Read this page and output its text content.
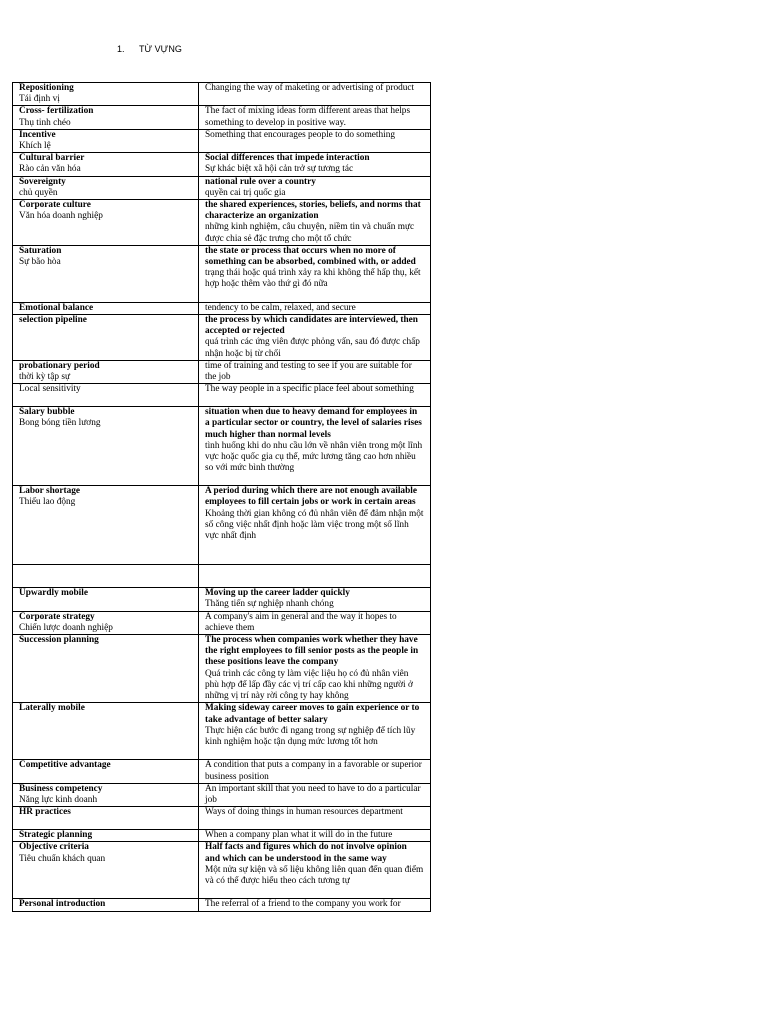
1. TỪ VỰNG
Repositioning
Tái định vị	Changing the way of maketing or advertising of product

Cross- fertilization
Thụ tinh chéo	The fact of mixing ideas form different areas that helps something to develop in positive way.

Incentive
Khích lệ	Something that encourages people to do something

Cultural barrier
Rào cản văn hóa	Social differences that impede interaction
Sự khác biệt xã hội cản trở sự tương tác

Sovereignty
chủ quyền	national rule over a country
quyền cai trị quốc gia

Corporate culture
Văn hóa doanh nghiệp	the shared experiences, stories, beliefs, and norms that characterize an organization
những kinh nghiệm, câu chuyện, niềm tin và chuẩn mực được chia sẻ đặc trưng cho một tổ chức

Saturation
Sự bão hòa	the state or process that occurs when no more of something can be absorbed, combined with, or added
trạng thái hoặc quá trình xảy ra khi không thể hấp thụ, kết hợp hoặc thêm vào thứ gì đó nữa

Emotional balance	tendency to be calm, relaxed, and secure

selection pipeline	the process by which candidates are interviewed, then accepted or rejected
quá trình các ứng viên được phỏng vấn, sau đó được chấp nhận hoặc bị từ chối

probationary period
thời kỳ tập sự	time of training and testing to see if you are suitable for the job

Local sensitivity	The way people in a specific place feel about something

Salary bubble
Bong bóng tiền lương	situation when due to heavy demand for employees in a particular sector or country, the level of salaries rises much higher than normal levels
tình huống khi do nhu cầu lớn về nhân viên trong một lĩnh vực hoặc quốc gia cụ thể, mức lương tăng cao hơn nhiều so với mức bình thường

Labor shortage
Thiếu lao động	A period during which there are not enough available employees to fill certain jobs or work in certain areas
Khoảng thời gian không có đủ nhân viên để đảm nhận một số công việc nhất định hoặc làm việc trong một số lĩnh vực nhất định

Upwardly mobile	Moving up the career ladder quickly
Thăng tiến sự nghiệp nhanh chóng

Corporate strategy
Chiến lược doanh nghiệp	A company's aim in general and the way it hopes to achieve them

Succession planning	The process when companies work whether they have the right employees to fill senior posts as the people in these positions leave the company
Quá trình các công ty làm việc liệu họ có đủ nhân viên phù hợp để lấp đầy các vị trí cấp cao khi những người ở những vị trí này rời công ty hay không

Laterally mobile	Making sideway career moves to gain experience or to take advantage of better salary
Thực hiện các bước đi ngang trong sự nghiệp để tích lũy kinh nghiệm hoặc tận dụng mức lương tốt hơn

Competitive advantage	A condition that puts a company in a favorable or superior business position

Business competency
Năng lực kinh doanh	An important skill that you need to have to do a particular job

HR practices	Ways of doing things in human resources department

Strategic planning	When a company plan what it will do in the future

Objective criteria
Tiêu chuẩn khách quan	Half facts and figures which do not involve opinion and which can be understood in the same way
Một nửa sự kiện và số liệu không liên quan đến quan điểm và có thể được hiểu theo cách tương tự

Personal introduction	The referral of a friend to the company you work for
